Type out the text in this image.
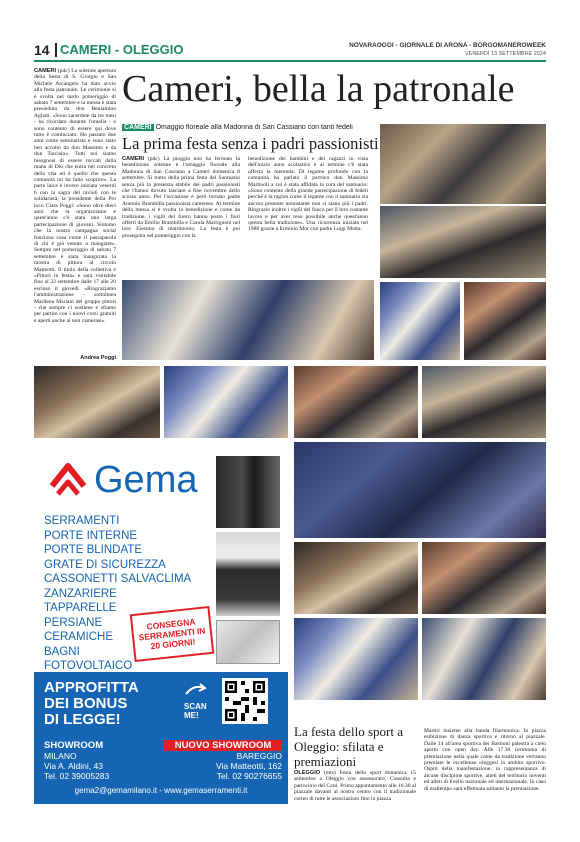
14 CAMERI - OLEGGIO	NOVARAOGGI - GIORNALE DI ARONA - BORGOMANEROWEEK
VENERDÌ 13 SETTEMBRE 2024
CAMERI (pdc) La solenne apertura della Sesta di S. Giorgio e San Michele Arcangelo ha dato avvio alla festa patronale. Le cerimonie si è svolta nel tardo pomeriggio di sabato 7 settembre e la messa è stata presieduta da don Beniamino Agliati. «Sono sacerdote da tre mesi - ha ricordato durante l'omelia - e sono contento di essere qui dove tutto è cominciato. Ho passato due anni come seminarista e sono stato ben accolto da don Massimo e da don Tarcisio». Tutti noi siamo bisognosi di essere toccati dalla mano di Dio che entra nel concreto della vita ed è quello che questa comunità mi ha fatto scoprire». La parte laica è invece iniziata venerdì 6 con la sagra del ravioli con le solidarietà, la presidente della Pro loco Clara Poggi: «Sono oltre dieci anni che la organizziamo e quest'anno c'è stata uno larga partecipazione di giovani. Sintomo che la nostra campagna social funziona cosa come il passaparola di chi è già venuto a mangiare». Sempre nel pomeriggio di sabato 7 settembre è stata inaugurata la mostra di pittura al circolo Matteotti. Il titolo della collettiva è «Pittori in festa» e sarà visitabile fino al 22 settembre dalle 17 alle 20 escluso il giovedì. «Ringraziamo l'amministrazione - sottolinea Marilena Mariani del gruppo pittori - che sempre ci sostiene e sfiamo per partire con i nuovi corsi gratuiti e aperti anche ai non camerasi».
Andrea Poggi
Cameri, bella la patronale
CAMERI Omaggio floreale alla Madonna di San Cassiano con tanti fedeli
La prima festa senza i padri passionisti
CAMERI (pdc) La pioggia non ha fermato la benedizione solenne e l'omaggio floreale alla Madonna di San Cassiano a Cameri domenica 8 settembre. Si tratta della prima festa del Santuario senza più la presenza stabile dei padri passionisti che l'hanno dovuto lasciare a fine novembre dello scorso anno. Per l'occasione è però tornato padre Antonio Brambilla passionista camerese. Al termine della messa si è svolta la benedizione e come da tradizione, i vigili del fuoco hanno posto i fiori offerti da Emilio Brambilla e Carola Marrignoni nel loro 35esimo di matrimonio. La festa è poi proseguita nel pomeriggio con la
benedizione dei bambini e dei ragazzi in vista dell'inizio anno scolastico e al termine c'è stata offerta la merenda. Di legame profondo con la comunità ha parlato il parroco don Massimo Martinoli a cui è stata affidata la cura del santuario: «Sono contento della grande partecipazione di fedeli perché è la ragion come il legame con il santuario sia ancora presente nonostante non ci siano più i padri. Ringrazio inoltre i vigili del fuoco per il loro costante lavoro e per aver reso possibile anche quest'anno questa bella tradizione». Una ricorrenza iniziata nel 1988 grazie a Erminio Mor con padre Luigi Motta.
Gema
SERRAMENTI
PORTE INTERNE
PORTE BLINDATE
GRATE DI SICUREZZA
CASSONETTI SALVACLIMA
ZANZARIERE
TAPPARELLE
PERSIANE
CERAMICHE
BAGNI
FOTOVOLTAICO
CONSEGNA SERRAMENTI IN 20 GIORNI!
APPROFITTA
DEI BONUS
DI LEGGE!
SCAN ME!
SHOWROOM
MILANO
Via A. Aldini, 43
Tel. 02 39005283
NUOVO SHOWROOM
BAREGGIO
Via Matteotti, 162
Tel. 02 90276655
gema2@gemamilano.it - www.gemaserramenti.it
La festa dello sport a Oleggio: sfilata e premiazioni
OLEGGIO (mts) Festa dello sport domenica 15 settembre a Oleggio con assessorato, Consulta e patrocinio del Coni. Primo appuntamento alle 16.30 al piazzale davanti al nostro centro con il tradizionale corteo di tutte le associazioni fino in piazza
Martiri insieme alla banda filarmonica. In piazza esibizione di danza sportiva e ritorno al piazzale. Dalle 14 all'area sportiva dei Bastioni palestra a cielo aperto con open day. Alle 17.30 cerimonia di premiazione nella quale come da tradizione verranno premiate le eccellenze oleggesi in ambito sportivo. Ospiti della manifestazione, in rappresentanza di alcune discipline sportive, atleti del territorio noventi ed atleti di livello nazionale ed internazionale. In caso di maltempo sarà effettuata soltanto la premiazione.
